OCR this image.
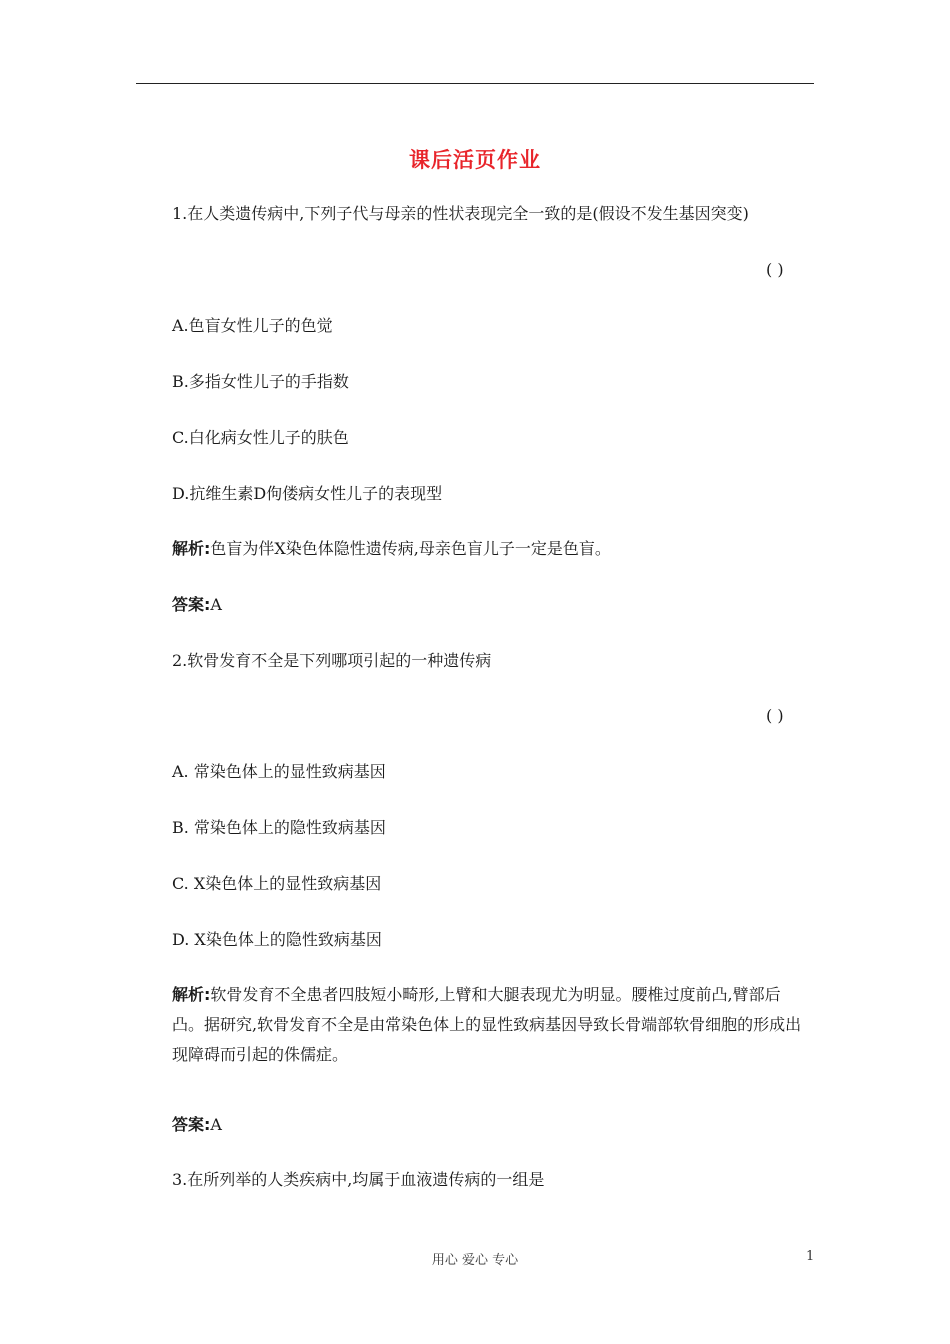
课后活页作业
1.在人类遗传病中,下列子代与母亲的性状表现完全一致的是(假设不发生基因突变)
( )
A.色盲女性儿子的色觉
B.多指女性儿子的手指数
C.白化病女性儿子的肤色
D.抗维生素D佝偻病女性儿子的表现型
解析:色盲为伴X染色体隐性遗传病,母亲色盲儿子一定是色盲。
答案:A
2.软骨发育不全是下列哪项引起的一种遗传病
( )
A. 常染色体上的显性致病基因
B. 常染色体上的隐性致病基因
C. X染色体上的显性致病基因
D. X染色体上的隐性致病基因
解析:软骨发育不全患者四肢短小畸形,上臂和大腿表现尤为明显。腰椎过度前凸,臂部后凸。据研究,软骨发育不全是由常染色体上的显性致病基因导致长骨端部软骨细胞的形成出现障碍而引起的侏儒症。
答案:A
3.在所列举的人类疾病中,均属于血液遗传病的一组是
用心 爱心 专心	1
